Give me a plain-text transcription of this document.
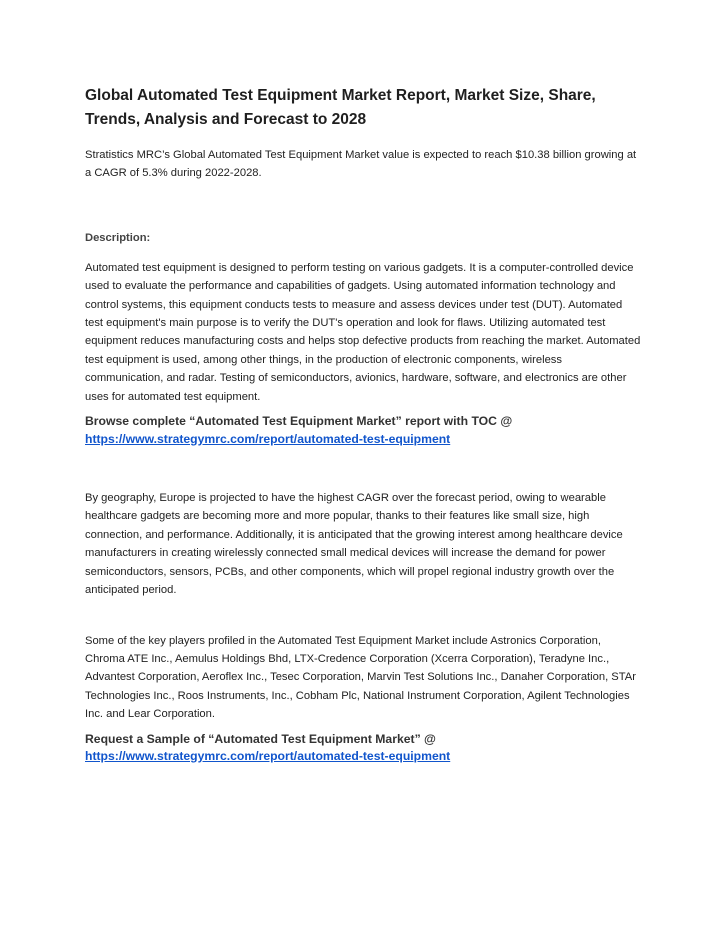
Global Automated Test Equipment Market Report, Market Size, Share, Trends, Analysis and Forecast to 2028

Stratistics MRC’s Global Automated Test Equipment Market value is expected to reach $10.38 billion growing at a CAGR of 5.3% during 2022-2028.

Description:

Automated test equipment is designed to perform testing on various gadgets. It is a computer-controlled device used to evaluate the performance and capabilities of gadgets. Using automated information technology and control systems, this equipment conducts tests to measure and assess devices under test (DUT). Automated test equipment's main purpose is to verify the DUT's operation and look for flaws. Utilizing automated test equipment reduces manufacturing costs and helps stop defective products from reaching the market. Automated test equipment is used, among other things, in the production of electronic components, wireless communication, and radar. Testing of semiconductors, avionics, hardware, software, and electronics are other uses for automated test equipment.

Browse complete “Automated Test Equipment Market” report with TOC @
https://www.strategymrc.com/report/automated-test-equipment

By geography, Europe is projected to have the highest CAGR over the forecast period, owing to wearable healthcare gadgets are becoming more and more popular, thanks to their features like small size, high connection, and performance. Additionally, it is anticipated that the growing interest among healthcare device manufacturers in creating wirelessly connected small medical devices will increase the demand for power semiconductors, sensors, PCBs, and other components, which will propel regional industry growth over the anticipated period.

Some of the key players profiled in the Automated Test Equipment Market include Astronics Corporation, Chroma ATE Inc., Aemulus Holdings Bhd, LTX-Credence Corporation (Xcerra Corporation), Teradyne Inc., Advantest Corporation, Aeroflex Inc., Tesec Corporation, Marvin Test Solutions Inc., Danaher Corporation, STAr Technologies Inc., Roos Instruments, Inc., Cobham Plc, National Instrument Corporation, Agilent Technologies Inc. and Lear Corporation.

Request a Sample of “Automated Test Equipment Market” @
https://www.strategymrc.com/report/automated-test-equipment
